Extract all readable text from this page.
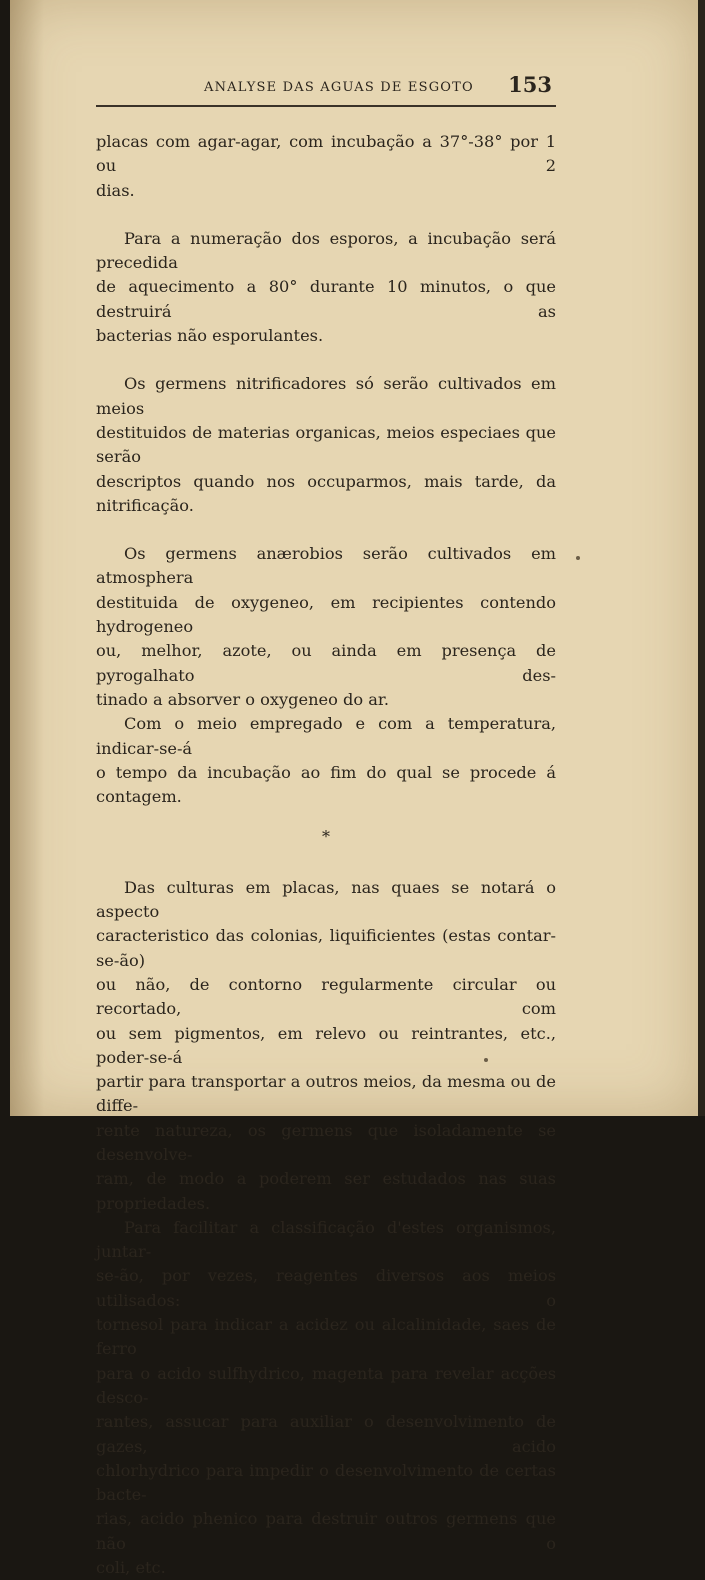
ANALYSE DAS AGUAS DE ESGOTO 153

placas com agar-agar, com incubação a 37°-38° por 1 ou 2

dias.

Para a numeração dos esporos, a incubação será precedida

de aquecimento a 80° durante 10 minutos, o que destruirá as

bacterias não esporulantes.

Os germens nitrificadores só serão cultivados em meios

destituidos de materias organicas, meios especiaes que serão

descriptos quando nos occuparmos, mais tarde, da nitrificação.

Os germens anærobios serão cultivados em atmosphera

destituida de oxygeneo, em recipientes contendo hydrogeneo

ou, melhor, azote, ou ainda em presença de pyrogalhato des-

tinado a absorver o oxygeneo do ar.

Com o meio empregado e com a temperatura, indicar-se-á

o tempo da incubação ao fim do qual se procede á contagem.

*

Das culturas em placas, nas quaes se notará o aspecto

caracteristico das colonias, liquificientes (estas contar-se-ão)

ou não, de contorno regularmente circular ou recortado, com

ou sem pigmentos, em relevo ou reintrantes, etc., poder-se-á

partir para transportar a outros meios, da mesma ou de diffe-

rente natureza, os germens que isoladamente se desenvolve-

ram, de modo a poderem ser estudados nas suas propriedades.

Para facilitar a classificação d'estes organismos, juntar-

se-ão, por vezes, reagentes diversos aos meios utilisados: o

tornesol para indicar a acidez ou alcalinidade, saes de ferro

para o acido sulfhydrico, magenta para revelar acções desco-

rantes, assucar para auxiliar o desenvolvimento de gazes, acido

chlorhydrico para impedir o desenvolvimento de certas bacte-

rias, acido phenico para destruir outros germens que não o

coli, etc.
